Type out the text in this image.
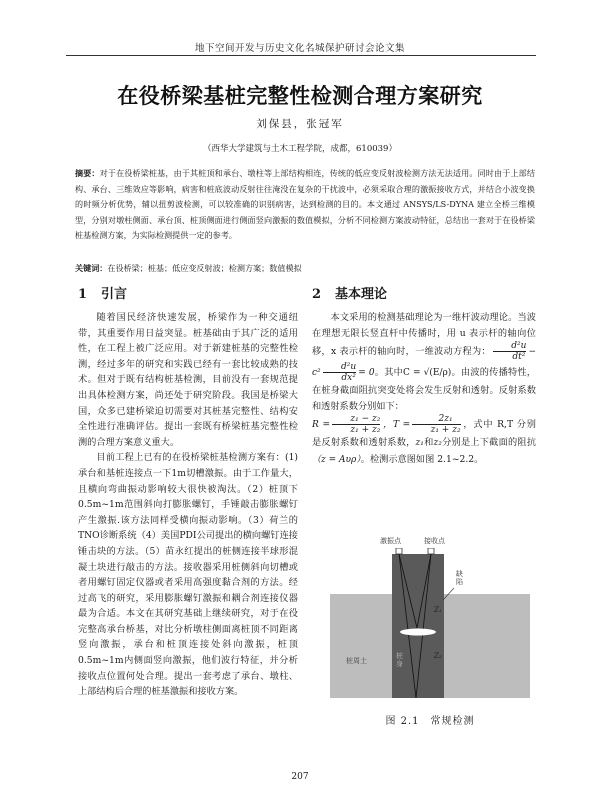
地下空间开发与历史文化名城保护研讨会论文集
在役桥梁基桩完整性检测合理方案研究
刘保县，张冠军
（西华大学建筑与土木工程学院，成都，610039）
摘要：对于在役桥梁桩基，由于其桩顶和承台、墩柱等上部结构相连，传统的低应变反射波检测方法无法适用。同时由于上部结构、承台、三维效应等影响，病害和桩底波动反射往往淹没在复杂的干扰波中，必须采取合理的激振接收方式，并结合小波变换的时频分析优势，辅以扭剪波检测，可以较准确的识别病害，达到检测的目的。本文通过 ANSYS/LS-DYNA 建立全桥三维模型，分别对墩柱侧面、承台顶、桩顶侧面进行侧面竖向激振的数值模拟，分析不同检测方案波动特征，总结出一套对于在役桥梁桩基检测方案，为实际检测提供一定的参考。
关键词：在役桥梁；桩基；低应变反射波；检测方案；数值模拟
1 引言	2 基本理论

随着国民经济快速发展，桥梁作为一种交通纽带，其重要作用日益突显。桩基础由于其广泛的适用性，在工程上被广泛应用。对于新建桩基的完整性检测，经过多年的研究和实践已经有一套比较成熟的技术。但对于既有结构桩基检测，目前没有一套规范提出具体检测方案，尚还处于研究阶段。我国是桥梁大国，众多已建桥梁迫切需要对其桩基完整性、结构安全性进行准确评估。提出一套既有桥梁桩基完整性检测的合理方案意义重大。

目前工程上已有的在役桥梁桩基检测方案有：(1)承台和基桩连接点一下1m切槽激振。由于工作量大，且横向弯曲振动影响较大很快被淘汰。（2）桩顶下0.5m~1m范围斜向打膨胀螺钉，手锤敲击膨胀螺钉产生激振.该方法同样受横向振动影响。（3）荷兰的TNO诊断系统（4）美国PDI公司提出的横向螺钉连接锤击块的方法。（5）苗永红提出的桩侧连接半球形混凝土块进行敲击的方法。接收器采用桩侧斜向切槽或者用螺钉固定仪器或者采用高强度黏合剂的方法。经过高飞的研究，采用膨胀螺钉激振和耦合剂连接仪器最为合适。本文在其研究基础上继续研究，对于在役完整高承台桥基，对比分析墩柱侧面离桩顶不同距离竖向激振，承台和桩顶连接处斜向激振，桩顶0.5m~1m内侧面竖向激振，他们波行特征，并分析接收点位置何处合理。提出一套考虑了承台、墩柱、上部结构后合理的桩基激振和接收方案。

本文采用的检测基础理论为一维杆波动理论。当波在理想无限长竖直杆中传播时，用 u 表示杆的轴向位移，x 表示杆的轴向时，一维波动方程为： $\frac{\text{d²u}}{\text{dt²}} - c^2 \frac{\text{d²u}}{\text{dx²}} = 0$。其中C = √(E/ρ)。由波的传播特性，在桩身截面阻抗突变处将会发生反射和透射。反射系数和透射系数分别如下：
$R = \frac{\text{z₁ − z₂}}{\text{z₁ + z₂}}$ ，$T = \frac{\text{2z₁}}{\text{z₁ + z₂}}$ ，式中 R,T 分别是反射系数和透射系数，z₁和z₂分别是上下截面的阻抗（z = Aυρ）。检测示意图如图 2.1~2.2。

激振点	接收点
Z₁
Z₂
缺陷
桩周土
桩身
图 2.1　常规检测
207
